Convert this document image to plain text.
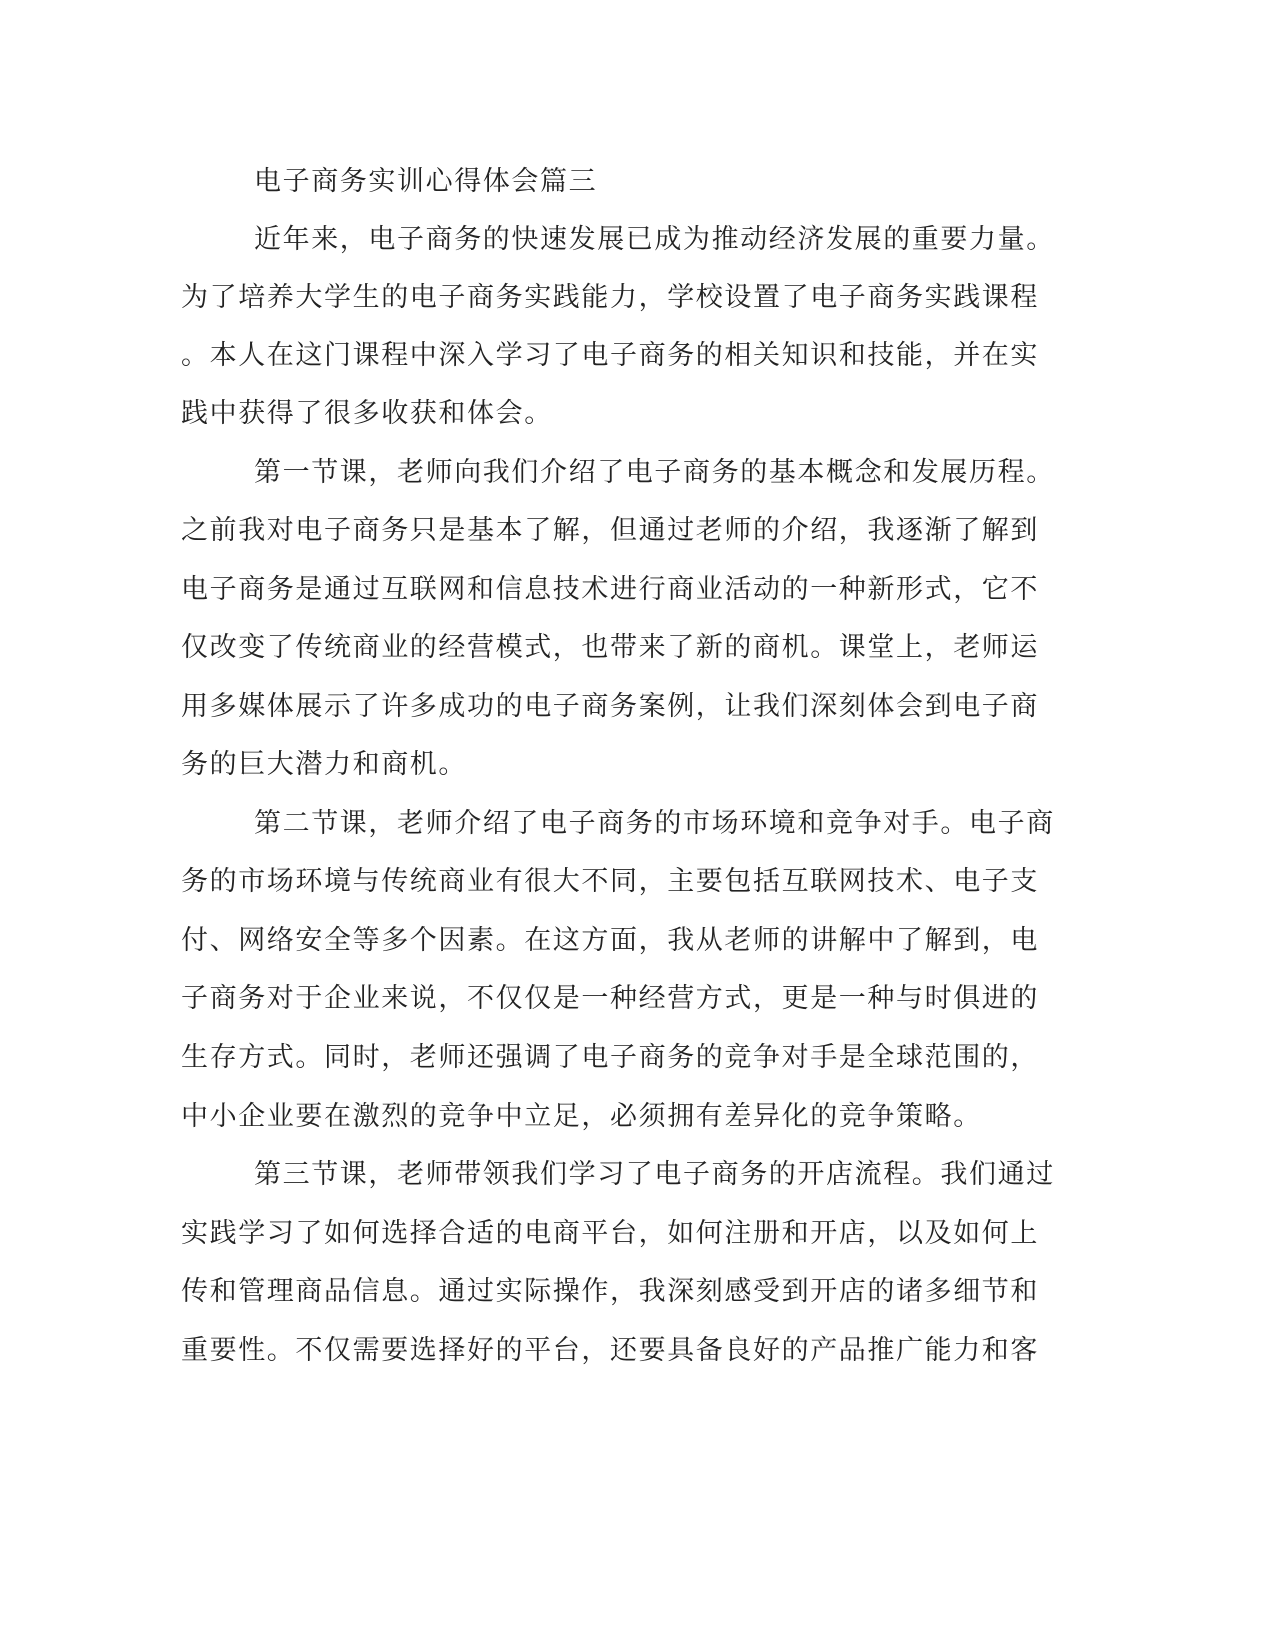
电子商务实训心得体会篇三
近年来，电子商务的快速发展已成为推动经济发展的重要力量。
为了培养大学生的电子商务实践能力，学校设置了电子商务实践课程
。本人在这门课程中深入学习了电子商务的相关知识和技能，并在实
践中获得了很多收获和体会。
第一节课，老师向我们介绍了电子商务的基本概念和发展历程。
之前我对电子商务只是基本了解，但通过老师的介绍，我逐渐了解到
电子商务是通过互联网和信息技术进行商业活动的一种新形式，它不
仅改变了传统商业的经营模式，也带来了新的商机。课堂上，老师运
用多媒体展示了许多成功的电子商务案例，让我们深刻体会到电子商
务的巨大潜力和商机。
第二节课，老师介绍了电子商务的市场环境和竞争对手。电子商
务的市场环境与传统商业有很大不同，主要包括互联网技术、电子支
付、网络安全等多个因素。在这方面，我从老师的讲解中了解到，电
子商务对于企业来说，不仅仅是一种经营方式，更是一种与时俱进的
生存方式。同时，老师还强调了电子商务的竞争对手是全球范围的，
中小企业要在激烈的竞争中立足，必须拥有差异化的竞争策略。
第三节课，老师带领我们学习了电子商务的开店流程。我们通过
实践学习了如何选择合适的电商平台，如何注册和开店，以及如何上
传和管理商品信息。通过实际操作，我深刻感受到开店的诸多细节和
重要性。不仅需要选择好的平台，还要具备良好的产品推广能力和客
